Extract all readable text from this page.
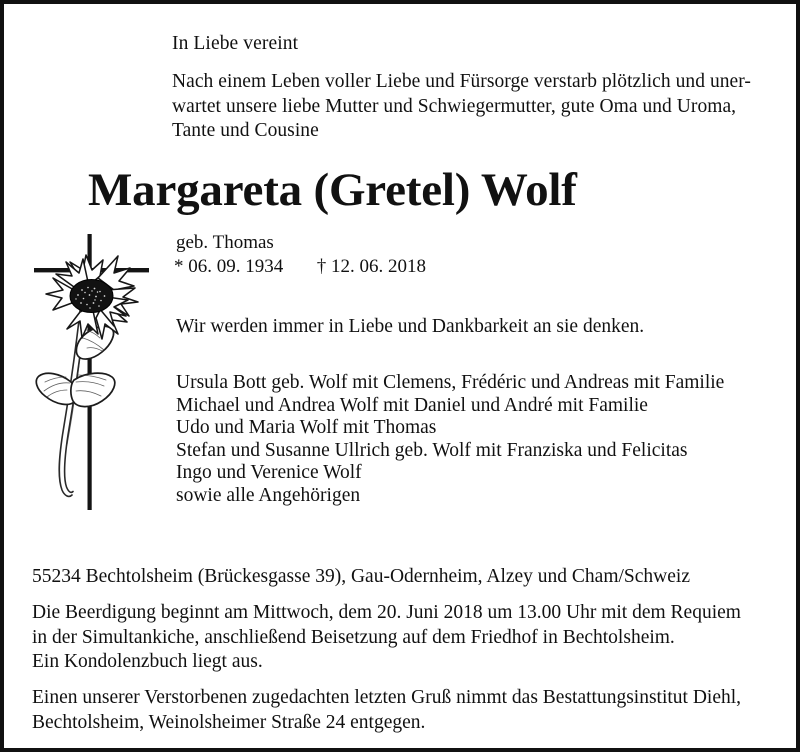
In Liebe vereint
Nach einem Leben voller Liebe und Fürsorge verstarb plötzlich und uner-
wartet unsere liebe Mutter und Schwiegermutter, gute Oma und Uroma,
Tante und Cousine
Margareta (Gretel) Wolf
geb. Thomas
* 06. 09. 1934 † 12. 06. 2018
Wir werden immer in Liebe und Dankbarkeit an sie denken.
Ursula Bott geb. Wolf mit Clemens, Frédéric und Andreas mit Familie
Michael und Andrea Wolf mit Daniel und André mit Familie
Udo und Maria Wolf mit Thomas
Stefan und Susanne Ullrich geb. Wolf mit Franziska und Felicitas
Ingo und Verenice Wolf
sowie alle Angehörigen
55234 Bechtolsheim (Brückesgasse 39), Gau-Odernheim, Alzey und Cham/Schweiz
Die Beerdigung beginnt am Mittwoch, dem 20. Juni 2018 um 13.00 Uhr mit dem Requiem
in der Simultankiche, anschließend Beisetzung auf dem Friedhof in Bechtolsheim.
Ein Kondolenzbuch liegt aus.
Einen unserer Verstorbenen zugedachten letzten Gruß nimmt das Bestattungsinstitut Diehl,
Bechtolsheim, Weinolsheimer Straße 24 entgegen.
